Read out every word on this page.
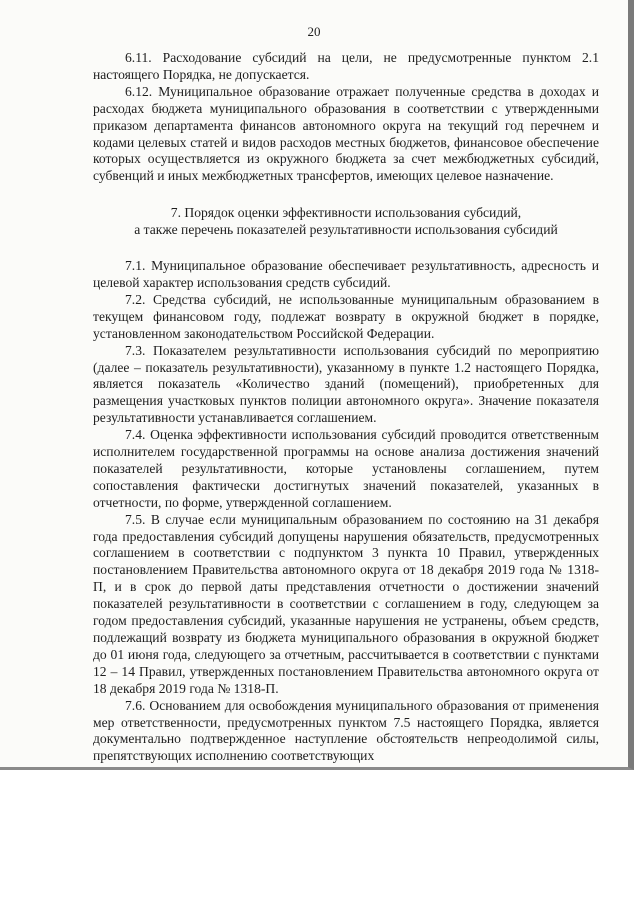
20

6.11. Расходование субсидий на цели, не предусмотренные пунктом 2.1 настоящего Порядка, не допускается.

6.12. Муниципальное образование отражает полученные средства в доходах и расходах бюджета муниципального образования в соответствии с утвержденными приказом департамента финансов автономного округа на текущий год перечнем и кодами целевых статей и видов расходов местных бюджетов, финансовое обеспечение которых осуществляется из окружного бюджета за счет межбюджетных субсидий, субвенций и иных межбюджетных трансфертов, имеющих целевое назначение.

7. Порядок оценки эффективности использования субсидий,
а также перечень показателей результативности использования субсидий

7.1. Муниципальное образование обеспечивает результативность, адресность и целевой характер использования средств субсидий.

7.2. Средства субсидий, не использованные муниципальным образованием в текущем финансовом году, подлежат возврату в окружной бюджет в порядке, установленном законодательством Российской Федерации.

7.3. Показателем результативности использования субсидий по мероприятию (далее – показатель результативности), указанному в пункте 1.2 настоящего Порядка, является показатель «Количество зданий (помещений), приобретенных для размещения участковых пунктов полиции автономного округа». Значение показателя результативности устанавливается соглашением.

7.4. Оценка эффективности использования субсидий проводится ответственным исполнителем государственной программы на основе анализа достижения значений показателей результативности, которые установлены соглашением, путем сопоставления фактически достигнутых значений показателей, указанных в отчетности, по форме, утвержденной соглашением.

7.5. В случае если муниципальным образованием по состоянию на 31 декабря года предоставления субсидий допущены нарушения обязательств, предусмотренных соглашением в соответствии с подпунктом 3 пункта 10 Правил, утвержденных постановлением Правительства автономного округа от 18 декабря 2019 года № 1318-П, и в срок до первой даты представления отчетности о достижении значений показателей результативности в соответствии с соглашением в году, следующем за годом предоставления субсидий, указанные нарушения не устранены, объем средств, подлежащий возврату из бюджета муниципального образования в окружной бюджет до 01 июня года, следующего за отчетным, рассчитывается в соответствии с пунктами 12 – 14 Правил, утвержденных постановлением Правительства автономного округа от 18 декабря 2019 года № 1318-П.

7.6. Основанием для освобождения муниципального образования от применения мер ответственности, предусмотренных пунктом 7.5 настоящего Порядка, является документально подтвержденное наступление обстоятельств непреодолимой силы, препятствующих исполнению соответствующих
